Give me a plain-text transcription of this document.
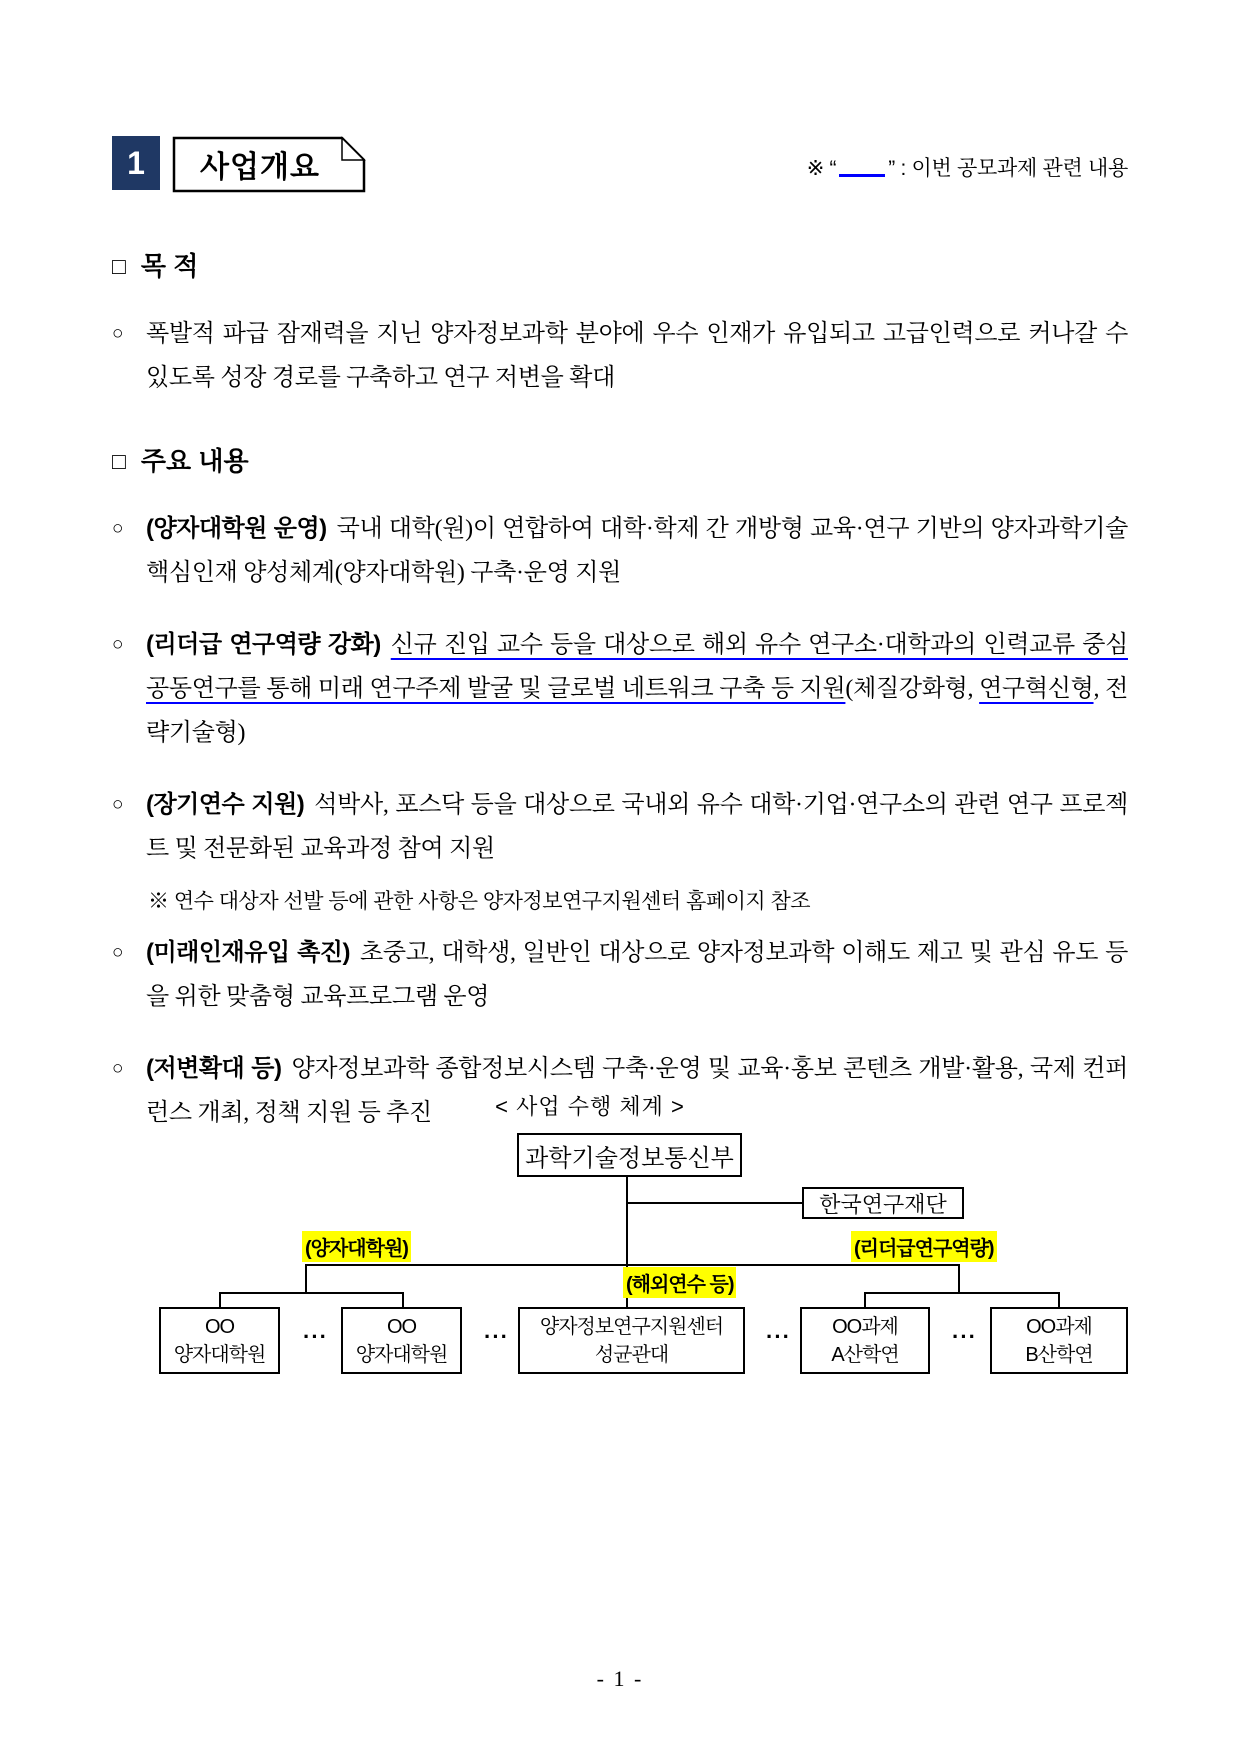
1	사업개요	※ “ ” : 이번 공모과제 관련 내용
□ 목 적
○ 폭발적 파급 잠재력을 지닌 양자정보과학 분야에 우수 인재가 유입되고 고급인력으로 커나갈 수 있도록 성장 경로를 구축하고 연구 저변을 확대

□ 주요 내용
○ (양자대학원 운영) 국내 대학(원)이 연합하여 대학·학제 간 개방형 교육·연구 기반의 양자과학기술 핵심인재 양성체계(양자대학원) 구축·운영 지원

○ (리더급 연구역량 강화) 신규 진입 교수 등을 대상으로 해외 유수 연구소·대학과의 인력교류 중심 공동연구를 통해 미래 연구주제 발굴 및 글로벌 네트워크 구축 등 지원(체질강화형, 연구혁신형, 전략기술형)

○ (장기연수 지원) 석박사, 포스닥 등을 대상으로 국내외 유수 대학·기업·연구소의 관련 연구 프로젝트 및 전문화된 교육과정 참여 지원

※ 연수 대상자 선발 등에 관한 사항은 양자정보연구지원센터 홈페이지 참조
○ (미래인재유입 촉진) 초중고, 대학생, 일반인 대상으로 양자정보과학 이해도 제고 및 관심 유도 등을 위한 맞춤형 교육프로그램 운영

○ (저변확대 등) 양자정보과학 종합정보시스템 구축·운영 및 교육·홍보 콘텐츠 개발·활용, 국제 컨퍼런스 개최, 정책 지원 등 추진	< 사업 수행 체계 >
과학기술정보통신부
한국연구재단
(양자대학원)	(리더급연구역량)
(해외연수 등)
OO
양자대학원
OO
양자대학원
양자정보연구지원센터
성균관대
OO과제
A산학연
OO과제
B산학연
···	···	···	···
- 1 -
